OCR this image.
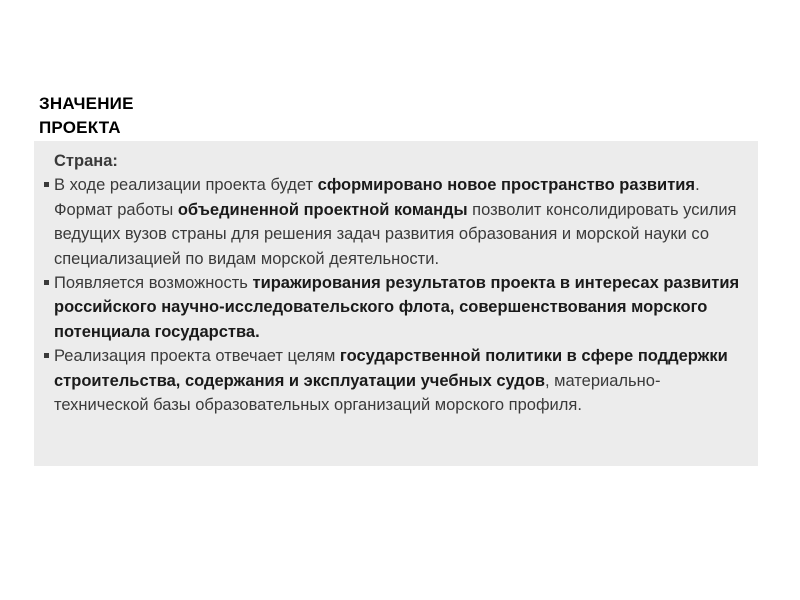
ЗНАЧЕНИЕ
ПРОЕКТА
Страна:
В ходе реализации проекта будет сформировано новое пространство развития. Формат работы объединенной проектной команды позволит консолидировать усилия ведущих вузов страны для решения задач развития образования и морской науки со специализацией по видам морской деятельности.
Появляется возможность тиражирования результатов проекта в интересах развития российского научно-исследовательского флота, совершенствования морского потенциала государства.
Реализация проекта отвечает целям государственной политики в сфере поддержки строительства, содержания и эксплуатации учебных судов, материально-технической базы образовательных организаций морского профиля.
